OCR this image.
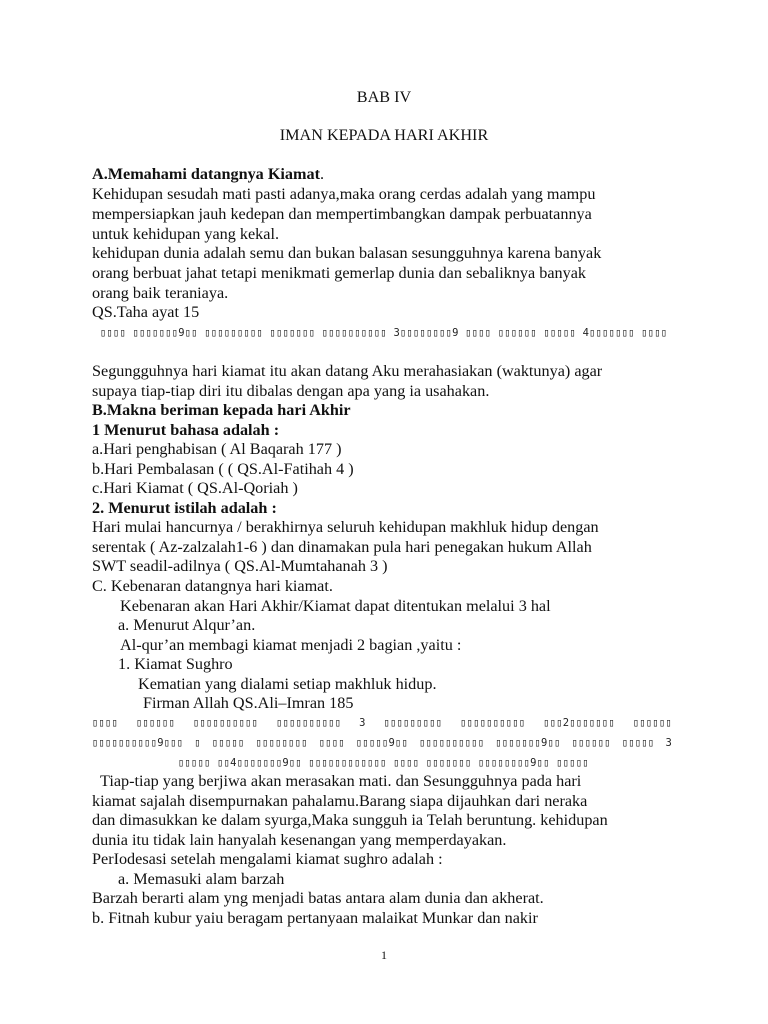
BAB IV
IMAN KEPADA HARI AKHIR
A.Memahami datangnya Kiamat.
Kehidupan sesudah mati pasti adanya,maka orang cerdas adalah yang mampu
mempersiapkan jauh kedepan dan mempertimbangkan dampak perbuatannya
untuk kehidupan yang kekal.
kehidupan dunia adalah semu dan bukan balasan sesungguhnya karena banyak
orang berbuat jahat tetapi menikmati gemerlap dunia dan sebaliknya banyak
orang baik teraniaya.
QS.Taha ayat 15
▯▯▯▯ ▯▯▯▯▯▯▯9▯▯ ▯▯▯▯▯▯▯▯▯ ▯▯▯▯▯▯▯ ▯▯▯▯▯▯▯▯▯▯ 3▯▯▯▯▯▯▯▯9 ▯▯▯▯ ▯▯▯▯▯▯ ▯▯▯▯▯ 4▯▯▯▯▯▯▯ ▯▯▯▯
Segungguhnya hari kiamat itu akan datang Aku merahasiakan (waktunya) agar
supaya tiap-tiap diri itu dibalas dengan apa yang ia usahakan.
B.Makna beriman kepada hari Akhir
1 Menurut bahasa adalah :
a.Hari penghabisan ( Al Baqarah 177 )
b.Hari Pembalasan ( ( QS.Al-Fatihah 4 )
c.Hari Kiamat ( QS.Al-Qoriah )
2. Menurut istilah adalah :
Hari mulai hancurnya / berakhirnya seluruh kehidupan makhluk hidup dengan
serentak ( Az-zalzalah1-6 ) dan dinamakan pula hari penegakan hukum Allah
SWT seadil-adilnya ( QS.Al-Mumtahanah 3 )
C. Kebenaran datangnya hari kiamat.
Kebenaran akan Hari Akhir/Kiamat dapat ditentukan melalui 3 hal
a. Menurut Alqur’an.
Al-qur’an membagi kiamat menjadi 2 bagian ,yaitu :
1. Kiamat Sughro
Kematian yang dialami setiap makhluk hidup.
Firman Allah QS.Ali–Imran 185
▯▯▯▯ ▯▯▯▯▯▯ ▯▯▯▯▯▯▯▯▯▯ ▯▯▯▯▯▯▯▯▯▯ 3 ▯▯▯▯▯▯▯▯▯ ▯▯▯▯▯▯▯▯▯▯ ▯▯▯2▯▯▯▯▯▯▯ ▯▯▯▯▯▯
▯▯▯▯▯▯▯▯▯▯9▯▯▯ ▯ ▯▯▯▯▯ ▯▯▯▯▯▯▯▯ ▯▯▯▯ ▯▯▯▯▯9▯▯ ▯▯▯▯▯▯▯▯▯▯ ▯▯▯▯▯▯▯9▯▯ ▯▯▯▯▯▯ ▯▯▯▯▯ 3
▯▯▯▯▯ ▯▯4▯▯▯▯▯▯▯9▯▯ ▯▯▯▯▯▯▯▯▯▯▯▯ ▯▯▯▯ ▯▯▯▯▯▯▯ ▯▯▯▯▯▯▯▯9▯▯ ▯▯▯▯▯
Tiap-tiap yang berjiwa akan merasakan mati. dan Sesungguhnya pada hari
kiamat sajalah disempurnakan pahalamu.Barang siapa dijauhkan dari neraka
dan dimasukkan ke dalam syurga,Maka sungguh ia Telah beruntung. kehidupan
dunia itu tidak lain hanyalah kesenangan yang memperdayakan.
PerIodesasi setelah mengalami kiamat sughro adalah :
a. Memasuki alam barzah
Barzah berarti alam yng menjadi batas antara alam dunia dan akherat.
b. Fitnah kubur yaiu beragam pertanyaan malaikat Munkar dan nakir
1
